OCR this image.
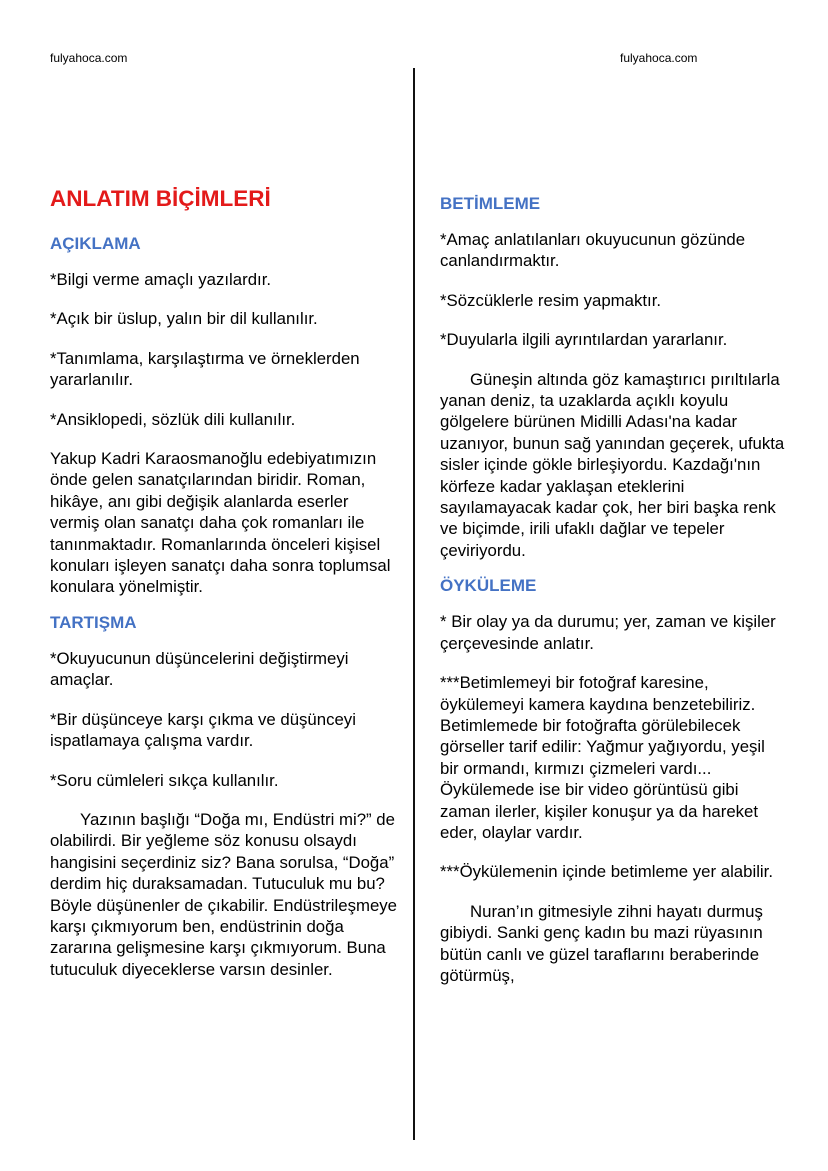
fulyahoca.com	fulyahoca.com
ANLATIM BİÇİMLERİ
AÇIKLAMA

*Bilgi verme amaçlı yazılardır.

*Açık bir üslup, yalın bir dil kullanılır.

*Tanımlama, karşılaştırma ve örneklerden yararlanılır.

*Ansiklopedi, sözlük dili kullanılır.

Yakup Kadri Karaosmanoğlu edebiyatımızın önde gelen sanatçılarından biridir. Roman, hikâye, anı gibi değişik alanlarda eserler vermiş olan sanatçı daha çok romanları ile tanınmaktadır. Romanlarında önceleri kişisel konuları işleyen sanatçı daha sonra toplumsal konulara yönelmiştir.

TARTIŞMA

*Okuyucunun düşüncelerini değiştirmeyi amaçlar.

*Bir düşünceye karşı çıkma ve düşünceyi ispatlamaya çalışma vardır.

*Soru cümleleri sıkça kullanılır.

Yazının başlığı “Doğa mı, Endüstri mi?” de olabilirdi. Bir yeğleme söz konusu olsaydı hangisini seçerdiniz siz? Bana sorulsa, “Doğa” derdim hiç duraksamadan. Tutuculuk mu bu? Böyle düşünenler de çıkabilir. Endüstrileşmeye karşı çıkmıyorum ben, endüstrinin doğa zararına gelişmesine karşı çıkmıyorum. Buna tutuculuk diyeceklerse varsın desinler.

BETİMLEME

*Amaç anlatılanları okuyucunun gözünde canlandırmaktır.

*Sözcüklerle resim yapmaktır.

*Duyularla ilgili ayrıntılardan yararlanır.

Güneşin altında göz kamaştırıcı pırıltılarla yanan deniz, ta uzaklarda açıklı koyulu gölgelere bürünen Midilli Adası'na kadar uzanıyor, bunun sağ yanından geçerek, ufukta sisler içinde gökle birleşiyordu. Kazdağı'nın körfeze kadar yaklaşan eteklerini sayılamayacak kadar çok, her biri başka renk ve biçimde, irili ufaklı dağlar ve tepeler çeviriyordu.

ÖYKÜLEME

* Bir olay ya da durumu; yer, zaman ve kişiler çerçevesinde anlatır.

***Betimlemeyi bir fotoğraf karesine, öykülemeyi kamera kaydına benzetebiliriz. Betimlemede bir fotoğrafta görülebilecek görseller tarif edilir: Yağmur yağıyordu, yeşil bir ormandı, kırmızı çizmeleri vardı... Öykülemede ise bir video görüntüsü gibi zaman ilerler, kişiler konuşur ya da hareket eder, olaylar vardır.

***Öykülemenin içinde betimleme yer alabilir.

Nuran’ın gitmesiyle zihni hayatı durmuş gibiydi. Sanki genç kadın bu mazi rüyasının bütün canlı ve güzel taraflarını beraberinde götürmüş,
